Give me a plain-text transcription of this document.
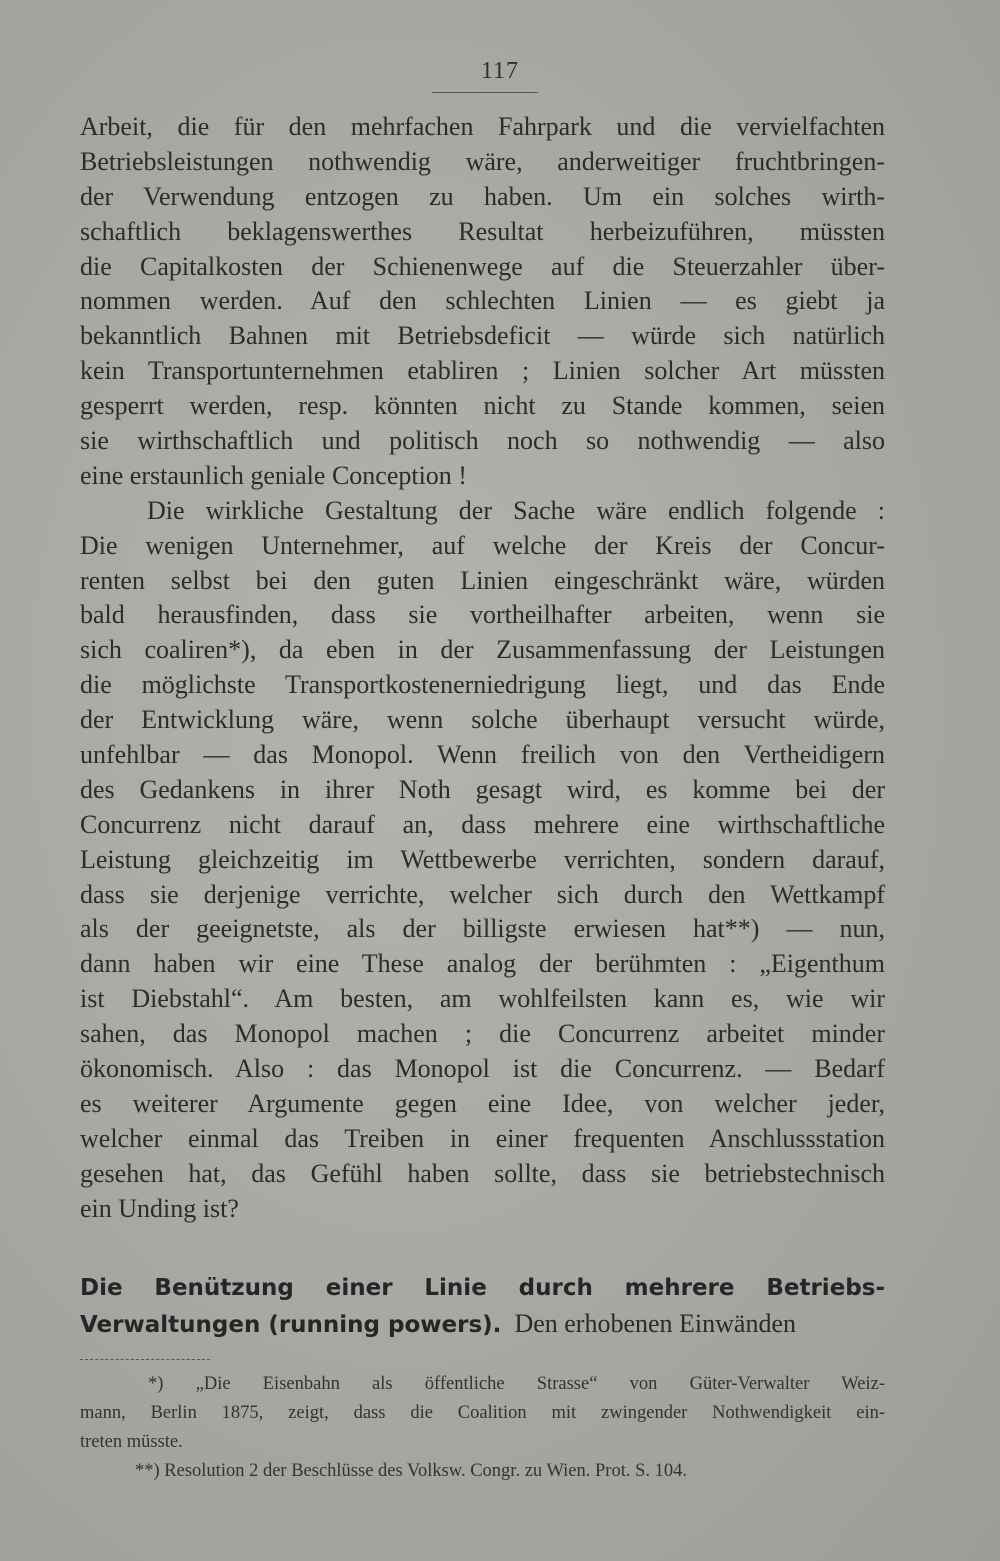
117
Arbeit, die für den mehrfachen Fahrpark und die vervielfachten
Betriebsleistungen nothwendig wäre, anderweitiger fruchtbringen-
der Verwendung entzogen zu haben. Um ein solches wirth-
schaftlich beklagenswerthes Resultat herbeizuführen, müssten
die Capitalkosten der Schienenwege auf die Steuerzahler über-
nommen werden. Auf den schlechten Linien — es giebt ja
bekanntlich Bahnen mit Betriebsdeficit — würde sich natürlich
kein Transportunternehmen etabliren ; Linien solcher Art müssten
gesperrt werden, resp. könnten nicht zu Stande kommen, seien
sie wirthschaftlich und politisch noch so nothwendig — also
eine erstaunlich geniale Conception !
Die wirkliche Gestaltung der Sache wäre endlich folgende :
Die wenigen Unternehmer, auf welche der Kreis der Concur-
renten selbst bei den guten Linien eingeschränkt wäre, würden
bald herausfinden, dass sie vortheilhafter arbeiten, wenn sie
sich coaliren*), da eben in der Zusammenfassung der Leistungen
die möglichste Transportkostenerniedrigung liegt, und das Ende
der Entwicklung wäre, wenn solche überhaupt versucht würde,
unfehlbar — das Monopol. Wenn freilich von den Vertheidigern
des Gedankens in ihrer Noth gesagt wird, es komme bei der
Concurrenz nicht darauf an, dass mehrere eine wirthschaftliche
Leistung gleichzeitig im Wettbewerbe verrichten, sondern darauf,
dass sie derjenige verrichte, welcher sich durch den Wettkampf
als der geeignetste, als der billigste erwiesen hat**) — nun,
dann haben wir eine These analog der berühmten : „Eigenthum
ist Diebstahl“. Am besten, am wohlfeilsten kann es, wie wir
sahen, das Monopol machen ; die Concurrenz arbeitet minder
ökonomisch. Also : das Monopol ist die Concurrenz. — Bedarf
es weiterer Argumente gegen eine Idee, von welcher jeder,
welcher einmal das Treiben in einer frequenten Anschlussstation
gesehen hat, das Gefühl haben sollte, dass sie betriebstechnisch
ein Unding ist?
Die Benützung einer Linie durch mehrere Betriebs-
Verwaltungen (running powers). Den erhobenen Einwänden
*) „Die Eisenbahn als öffentliche Strasse“ von Güter-Verwalter Weiz-
mann, Berlin 1875, zeigt, dass die Coalition mit zwingender Nothwendigkeit ein-
treten müsste.
**) Resolution 2 der Beschlüsse des Volksw. Congr. zu Wien. Prot. S. 104.
